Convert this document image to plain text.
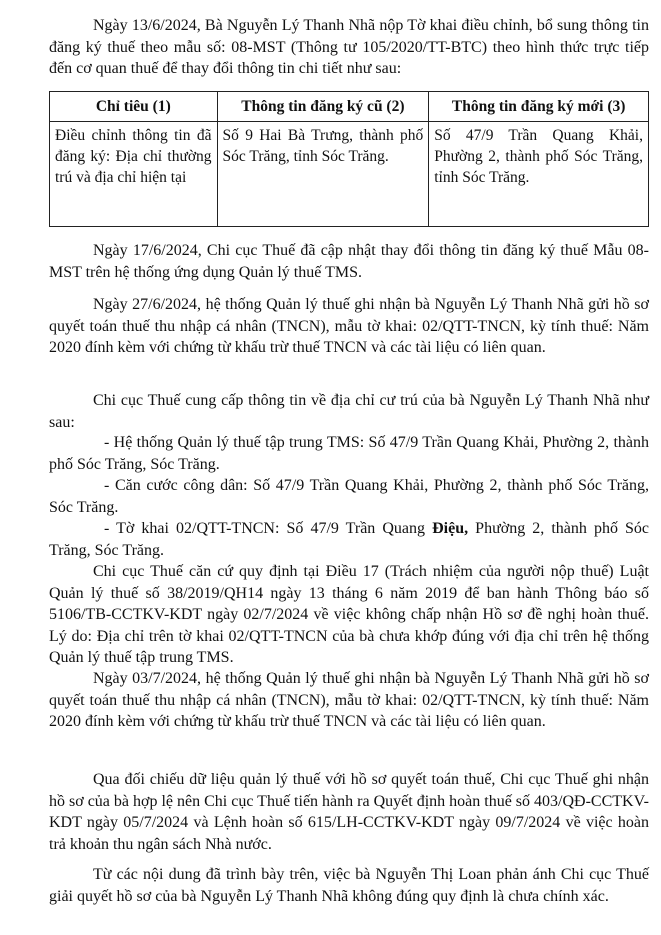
Ngày 13/6/2024, Bà Nguyễn Lý Thanh Nhã nộp Tờ khai điều chỉnh, bổ sung thông tin đăng ký thuế theo mẫu số: 08-MST (Thông tư 105/2020/TT-BTC) theo hình thức trực tiếp đến cơ quan thuế để thay đổi thông tin chi tiết như sau:

Chỉ tiêu (1)	Thông tin đăng ký cũ (2)	Thông tin đăng ký mới (3)
Điều chỉnh thông tin đã đăng ký: Địa chỉ thường trú và địa chỉ hiện tại	Số 9 Hai Bà Trưng, thành phố Sóc Trăng, tỉnh Sóc Trăng.	Số 47/9 Trần Quang Khải, Phường 2, thành phố Sóc Trăng, tỉnh Sóc Trăng.

Ngày 17/6/2024, Chi cục Thuế đã cập nhật thay đổi thông tin đăng ký thuế Mẫu 08-MST trên hệ thống ứng dụng Quản lý thuế TMS.

Ngày 27/6/2024, hệ thống Quản lý thuế ghi nhận bà Nguyễn Lý Thanh Nhã gửi hồ sơ quyết toán thuế thu nhập cá nhân (TNCN), mẫu tờ khai: 02/QTT-TNCN, kỳ tính thuế: Năm 2020 đính kèm với chứng từ khấu trừ thuế TNCN và các tài liệu có liên quan.

Chi cục Thuế cung cấp thông tin về địa chỉ cư trú của bà Nguyễn Lý Thanh Nhã như sau:

- Hệ thống Quản lý thuế tập trung TMS: Số 47/9 Trần Quang Khải, Phường 2, thành phố Sóc Trăng, Sóc Trăng.

- Căn cước công dân: Số 47/9 Trần Quang Khải, Phường 2, thành phố Sóc Trăng, Sóc Trăng.

- Tờ khai 02/QTT-TNCN: Số 47/9 Trần Quang Điệu, Phường 2, thành phố Sóc Trăng, Sóc Trăng.

Chi cục Thuế căn cứ quy định tại Điều 17 (Trách nhiệm của người nộp thuế) Luật Quản lý thuế số 38/2019/QH14 ngày 13 tháng 6 năm 2019 để ban hành Thông báo số 5106/TB-CCTKV-KDT ngày 02/7/2024 về việc không chấp nhận Hồ sơ đề nghị hoàn thuế. Lý do: Địa chỉ trên tờ khai 02/QTT-TNCN của bà chưa khớp đúng với địa chỉ trên hệ thống Quản lý thuế tập trung TMS.

Ngày 03/7/2024, hệ thống Quản lý thuế ghi nhận bà Nguyễn Lý Thanh Nhã gửi hồ sơ quyết toán thuế thu nhập cá nhân (TNCN), mẫu tờ khai: 02/QTT-TNCN, kỳ tính thuế: Năm 2020 đính kèm với chứng từ khấu trừ thuế TNCN và các tài liệu có liên quan.

Qua đối chiếu dữ liệu quản lý thuế với hồ sơ quyết toán thuế, Chi cục Thuế ghi nhận hồ sơ của bà hợp lệ nên Chi cục Thuế tiến hành ra Quyết định hoàn thuế số 403/QĐ-CCTKV-KDT ngày 05/7/2024 và Lệnh hoàn số 615/LH-CCTKV-KDT ngày 09/7/2024 về việc hoàn trả khoản thu ngân sách Nhà nước.

Từ các nội dung đã trình bày trên, việc bà Nguyễn Thị Loan phản ánh Chi cục Thuế giải quyết hồ sơ của bà Nguyễn Lý Thanh Nhã không đúng quy định là chưa chính xác.
